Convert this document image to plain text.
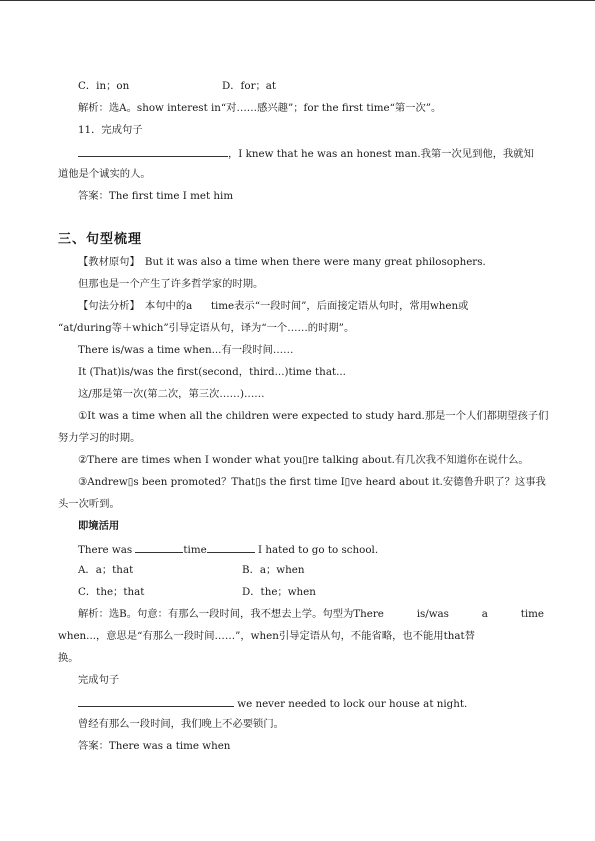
C．in；on	D．for；at
解析：选A。show interest in“对……感兴趣”；for the first time“第一次”。
11．完成句子
，I knew that he was an honest man.我第一次见到他，我就知
道他是个诚实的人。
答案：The first time I met him
三、句型梳理
【教材原句】　But it was also a time when there were many great philosophers.
但那也是一个产生了许多哲学家的时期。
【句法分析】　本句中的a time表示“一段时间”，后面接定语从句时，常用when或
“at/during等＋which”引导定语从句，译为“一个……的时期”。
There is/was a time when...有一段时间……
It (That)is/was the first(second，third...)time that...
这/那是第一次(第二次，第三次……)……
①It was a time when all the children were expected to study hard.那是一个人们都期望孩子们
努力学习的时期。
②There are times when I wonder what you▯re talking about.有几次我不知道你在说什么。
③Andrew▯s been promoted？That▯s the first time I▯ve heard about it.安德鲁升职了？这事我
头一次听到。
即境活用
There was	time	I hated to go to school.
A．a；that	B．a；when
C．the；that	D．the；when
解析：选B。句意：有那么一段时间，我不想去上学。句型为There	is/was	a	time
when...，意思是“有那么一段时间……”，when引导定语从句，不能省略，也不能用that替
换。
完成句子
we never needed to lock our house at night.
曾经有那么一段时间，我们晚上不必要锁门。
答案：There was a time when
